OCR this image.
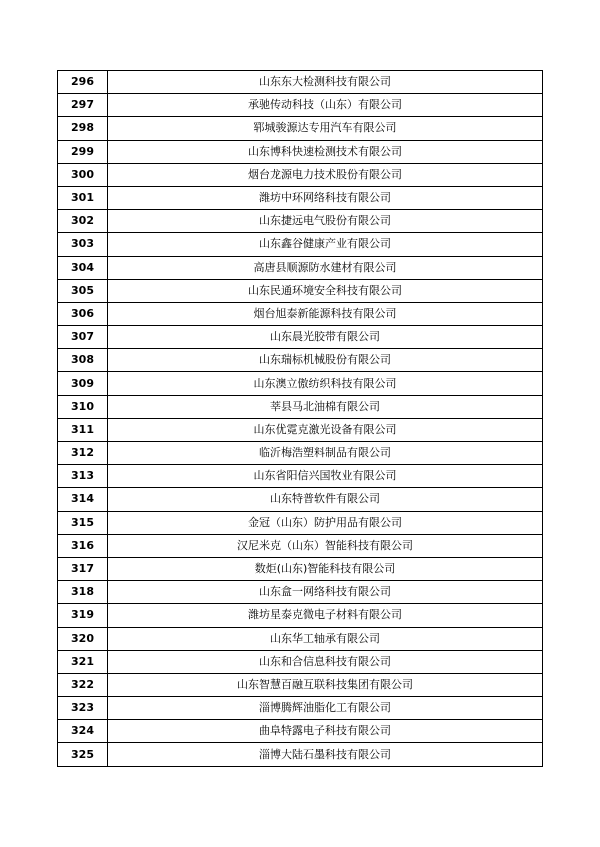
296	山东东大检测科技有限公司
297	承驰传动科技（山东）有限公司
298	郓城骏源达专用汽车有限公司
299	山东博科快速检测技术有限公司
300	烟台龙源电力技术股份有限公司
301	潍坊中环网络科技有限公司
302	山东捷远电气股份有限公司
303	山东鑫谷健康产业有限公司
304	高唐县顺源防水建材有限公司
305	山东民通环境安全科技有限公司
306	烟台旭泰新能源科技有限公司
307	山东晨光胶带有限公司
308	山东瑞标机械股份有限公司
309	山东澳立傲纺织科技有限公司
310	莘县马北油棉有限公司
311	山东优霓克激光设备有限公司
312	临沂梅浩塑料制品有限公司
313	山东省阳信兴国牧业有限公司
314	山东特普软件有限公司
315	金冠（山东）防护用品有限公司
316	汉尼米克（山东）智能科技有限公司
317	数炬(山东)智能科技有限公司
318	山东盒一网络科技有限公司
319	潍坊星泰克微电子材料有限公司
320	山东华工轴承有限公司
321	山东和合信息科技有限公司
322	山东智慧百融互联科技集团有限公司
323	淄博腾辉油脂化工有限公司
324	曲阜特露电子科技有限公司
325	淄博大陆石墨科技有限公司
